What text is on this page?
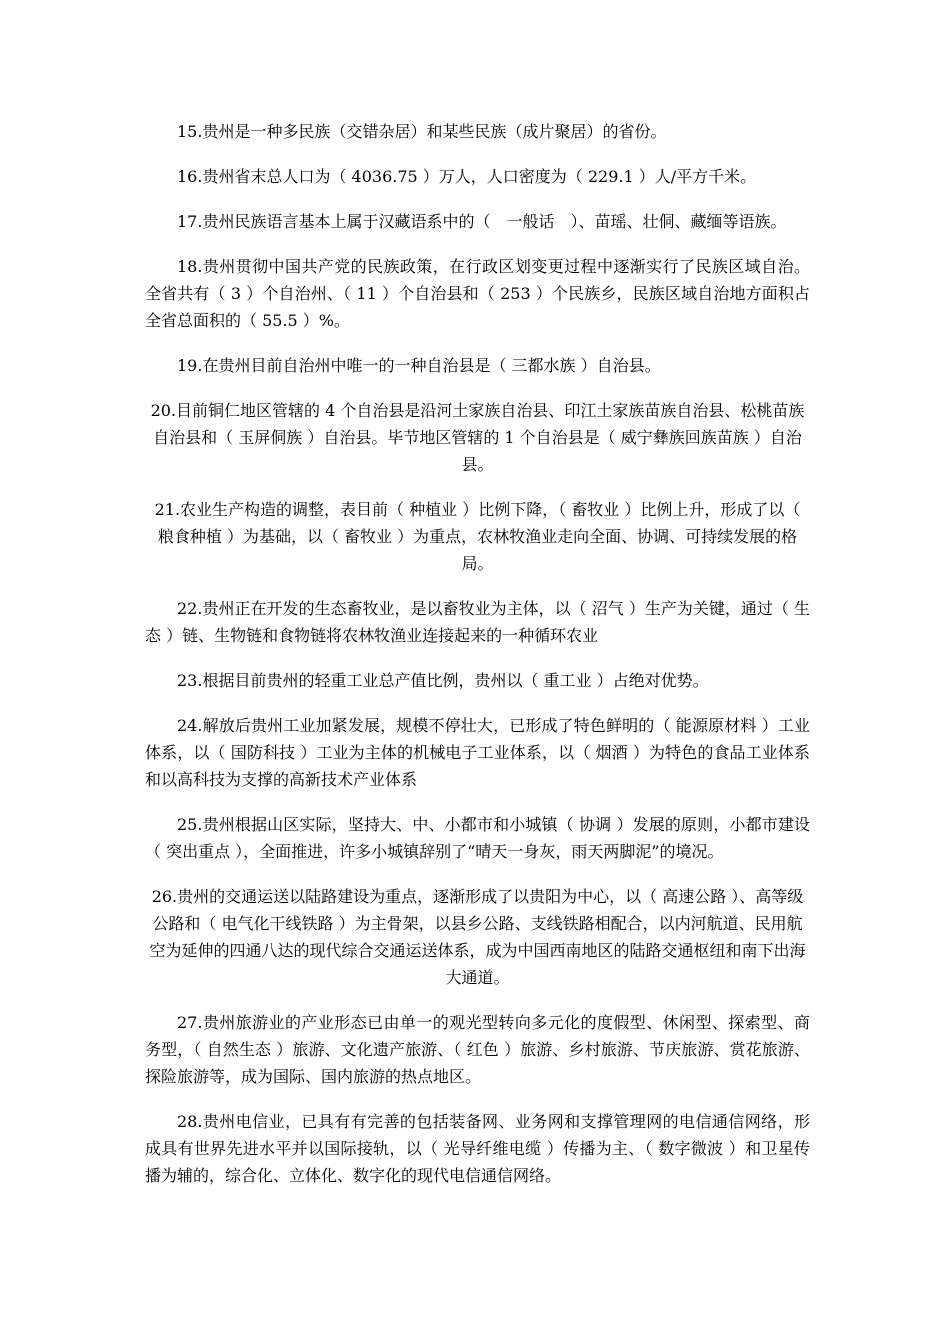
15.贵州是一种多民族（交错杂居）和某些民族（成片聚居）的省份。

16.贵州省末总人口为（ 4036.75 ）万人，人口密度为（ 229.1 ）人/平方千米。

17.贵州民族语言基本上属于汉藏语系中的（　一般话　）、苗瑶、壮侗、藏缅等语族。

18.贵州贯彻中国共产党的民族政策，在行政区划变更过程中逐渐实行了民族区域自治。全省共有（ 3 ）个自治州、（ 11 ）个自治县和（ 253 ）个民族乡，民族区域自治地方面积占全省总面积的（ 55.5 ）%。

19.在贵州目前自治州中唯一的一种自治县是（ 三都水族 ）自治县。

20.目前铜仁地区管辖的 4 个自治县是沿河土家族自治县、印江土家族苗族自治县、松桃苗族自治县和（ 玉屏侗族 ）自治县。毕节地区管辖的 1 个自治县是（ 威宁彝族回族苗族 ）自治县。

21.农业生产构造的调整，表目前（ 种植业 ）比例下降，（ 畜牧业 ）比例上升，形成了以（ 粮食种植 ）为基础，以（ 畜牧业 ）为重点，农林牧渔业走向全面、协调、可持续发展的格局。

22.贵州正在开发的生态畜牧业，是以畜牧业为主体，以（ 沼气 ）生产为关键，通过（ 生态 ）链、生物链和食物链将农林牧渔业连接起来的一种循环农业

23.根据目前贵州的轻重工业总产值比例，贵州以（ 重工业 ）占绝对优势。

24.解放后贵州工业加紧发展，规模不停壮大，已形成了特色鲜明的（ 能源原材料 ）工业体系，以（ 国防科技 ）工业为主体的机械电子工业体系，以（ 烟酒 ）为特色的食品工业体系和以高科技为支撑的高新技术产业体系

25.贵州根据山区实际，坚持大、中、小都市和小城镇（ 协调 ）发展的原则，小都市建设（ 突出重点 ），全面推进，许多小城镇辞别了“晴天一身灰，雨天两脚泥”的境况。

26.贵州的交通运送以陆路建设为重点，逐渐形成了以贵阳为中心，以（ 高速公路 ）、高等级公路和（ 电气化干线铁路 ）为主骨架，以县乡公路、支线铁路相配合，以内河航道、民用航空为延伸的四通八达的现代综合交通运送体系，成为中国西南地区的陆路交通枢纽和南下出海大通道。

27.贵州旅游业的产业形态已由单一的观光型转向多元化的度假型、休闲型、探索型、商务型，（ 自然生态 ）旅游、文化遗产旅游、（ 红色 ）旅游、乡村旅游、节庆旅游、赏花旅游、探险旅游等，成为国际、国内旅游的热点地区。

28.贵州电信业，已具有有完善的包括装备网、业务网和支撑管理网的电信通信网络，形成具有世界先进水平并以国际接轨，以（ 光导纤维电缆 ）传播为主、（ 数字微波 ）和卫星传播为辅的，综合化、立体化、数字化的现代电信通信网络。
